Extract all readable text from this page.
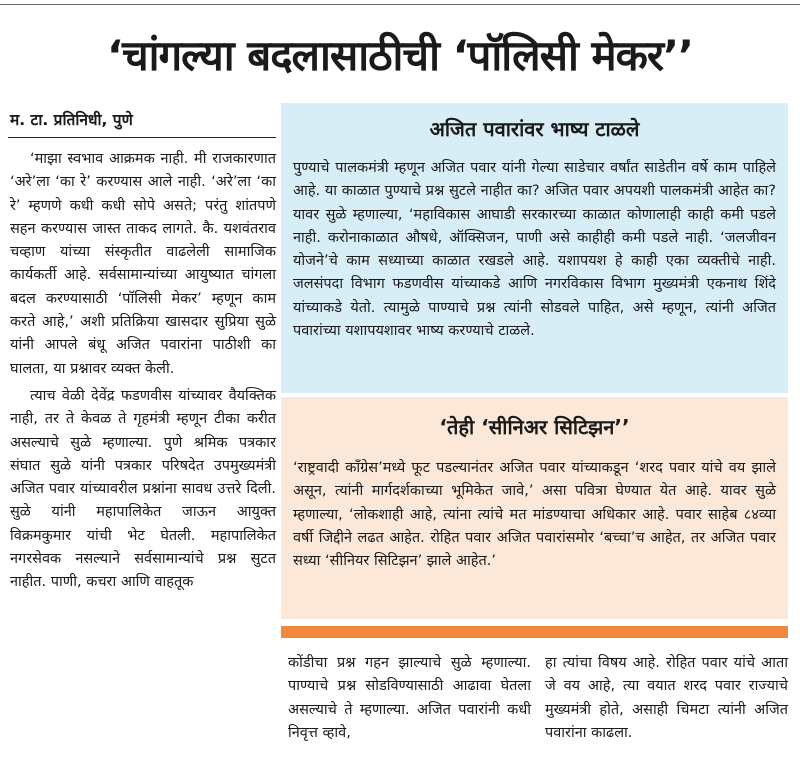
‘चांगल्या बदलासाठीची ‘पॉलिसी मेकर’’
म. टा. प्रतिनिधी, पुणे

‘माझा स्वभाव आक्रमक नाही. मी राजकारणात ‘अरे’ला ‘का रे’ करण्यास आले नाही. ‘अरे’ला ‘का रे’ म्हणणे कधी कधी सोपे असते; परंतु शांतपणे सहन करण्यास जास्त ताकद लागते. कै. यशवंतराव चव्हाण यांच्या संस्कृतीत वाढलेली सामाजिक कार्यकर्ती आहे. सर्वसामान्यांच्या आयुष्यात चांगला बदल करण्यासाठी ‘पॉलिसी मेकर’ म्हणून काम करते आहे,’ अशी प्रतिक्रिया खासदार सुप्रिया सुळे यांनी आपले बंधू अजित पवारांना पाठीशी का घालता, या प्रश्नावर व्यक्त केली.

त्याच वेळी देवेंद्र फडणवीस यांच्यावर वैयक्तिक नाही, तर ते केवळ ते गृहमंत्री म्हणून टीका करीत असल्याचे सुळे म्हणाल्या. पुणे श्रमिक पत्रकार संघात सुळे यांनी पत्रकार परिषदेत उपमुख्यमंत्री अजित पवार यांच्यावरील प्रश्नांना सावध उत्तरे दिली. सुळे यांनी महापालिकेत जाऊन आयुक्त विक्रमकुमार यांची भेट घेतली. महापालिकेत नगरसेवक नसल्याने सर्वसामान्यांचे प्रश्न सुटत नाहीत. पाणी, कचरा आणि वाहतूक

अजित पवारांवर भाष्य टाळले

पुण्याचे पालकमंत्री म्हणून अजित पवार यांनी गेल्या साडेचार वर्षांत साडेतीन वर्षे काम पाहिले आहे. या काळात पुण्याचे प्रश्न सुटले नाहीत का? अजित पवार अपयशी पालकमंत्री आहेत का? यावर सुळे म्हणाल्या, ‘महाविकास आघाडी सरकारच्या काळात कोणालाही काही कमी पडले नाही. करोनाकाळात औषधे, ऑक्सिजन, पाणी असे काहीही कमी पडले नाही. ‘जलजीवन योजने’चे काम सध्याच्या काळात रखडले आहे. यशापयश हे काही एका व्यक्तीचे नाही. जलसंपदा विभाग फडणवीस यांच्याकडे आणि नगरविकास विभाग मुख्यमंत्री एकनाथ शिंदे यांच्याकडे येतो. त्यामुळे पाण्याचे प्रश्न त्यांनी सोडवले पाहित, असे म्हणून, त्यांनी अजित पवारांच्या यशापयशावर भाष्य करण्याचे टाळले.

‘तेही ‘सीनिअर सिटिझन’’

‘राष्ट्रवादी काँग्रेस’मध्ये फूट पडल्यानंतर अजित पवार यांच्याकडून ‘शरद पवार यांचे वय झाले असून, त्यांनी मार्गदर्शकाच्या भूमिकेत जावे,’ असा पवित्रा घेण्यात येत आहे. यावर सुळे म्हणाल्या, ‘लोकशाही आहे, त्यांना त्यांचे मत मांडण्याचा अधिकार आहे. पवार साहेब ८४व्या वर्षी जिद्दीने लढत आहेत. रोहित पवार अजित पवारांसमोर ‘बच्चा’च आहेत, तर अजित पवार सध्या ‘सीनियर सिटिझन’ झाले आहेत.’

कोंडीचा प्रश्न गहन झाल्याचे सुळे म्हणाल्या. पाण्याचे प्रश्न सोडविण्यासाठी आढावा घेतला असल्याचे ते म्हणाल्या. अजित पवारांनी कधी निवृत्त व्हावे,

हा त्यांचा विषय आहे. रोहित पवार यांचे आता जे वय आहे, त्या वयात शरद पवार राज्याचे मुख्यमंत्री होते, असाही चिमटा त्यांनी अजित पवारांना काढला.
